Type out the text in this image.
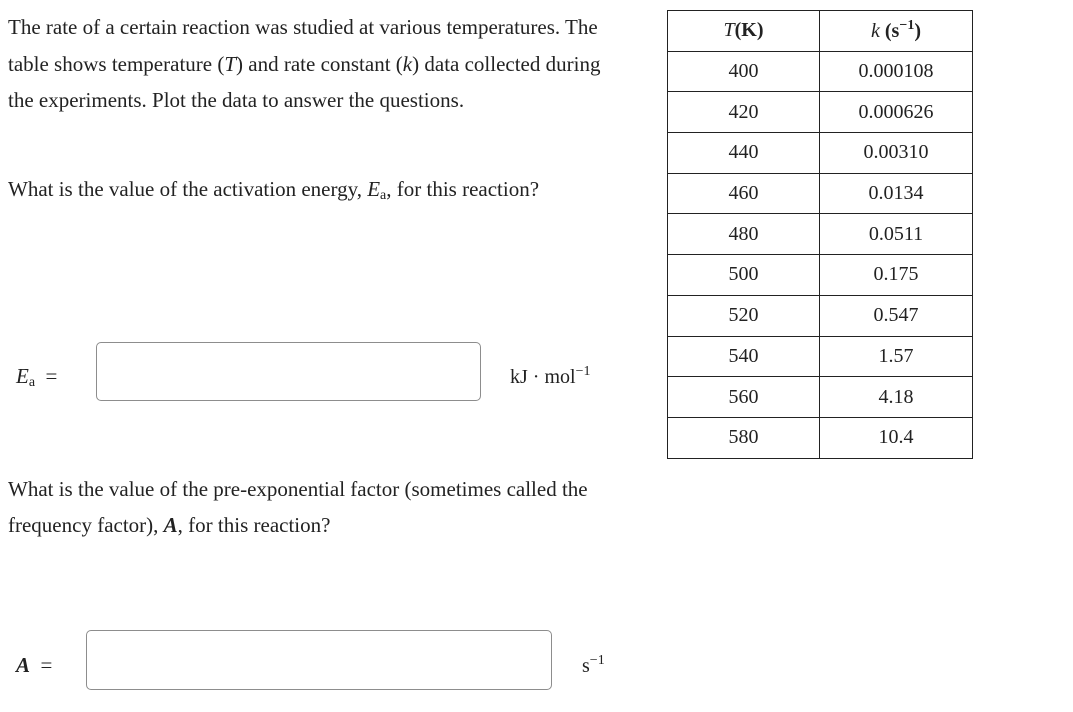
The rate of a certain reaction was studied at various temperatures. The table shows temperature (T) and rate constant (k) data collected during the experiments. Plot the data to answer the questions.

What is the value of the activation energy, $E_a$, for this reaction?

$E_a$ =	kJ · mol$^{-1}$

What is the value of the pre-exponential factor (sometimes called the frequency factor), A, for this reaction?

A =	$s^{-1}$
T(K)	k $(s^{-1})$
400	0.000108
420	0.000626
440	0.00310
460	0.0134
480	0.0511
500	0.175
520	0.547
540	1.57
560	4.18
580	10.4
